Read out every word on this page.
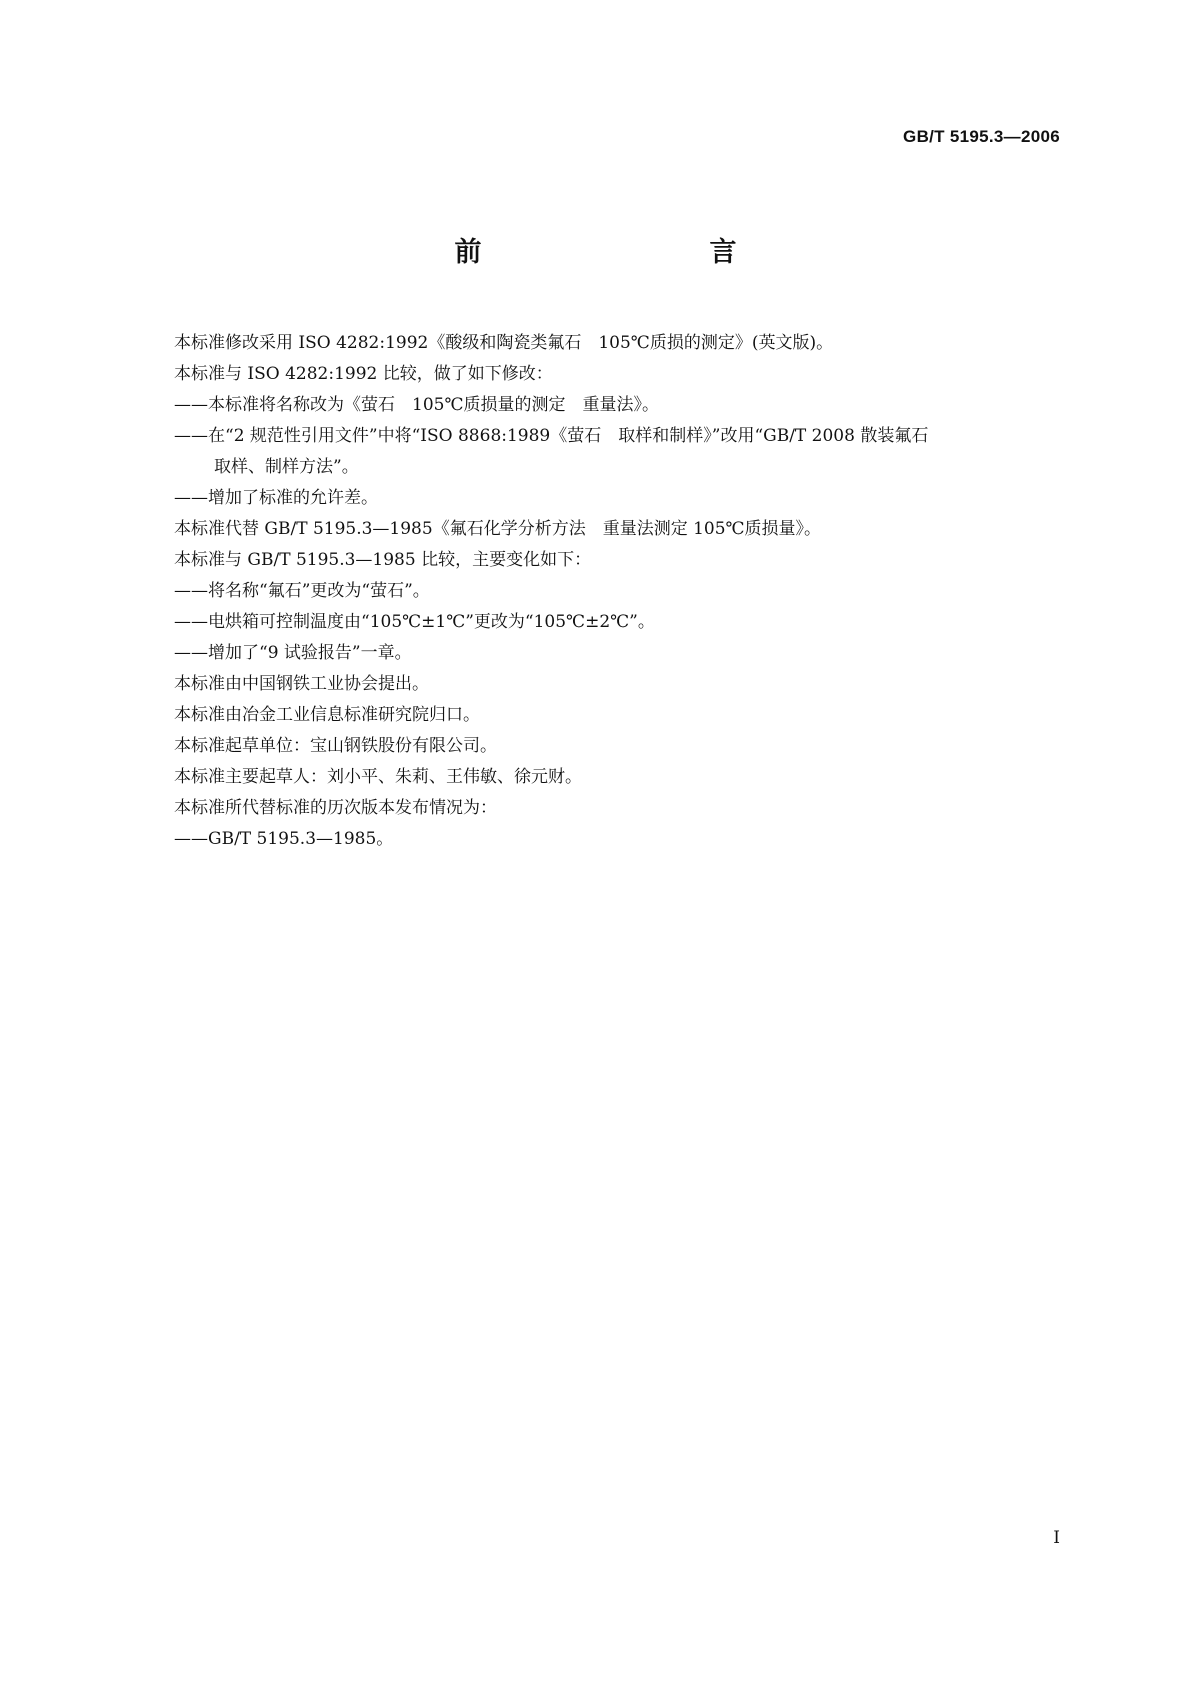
GB/T 5195.3—2006

前　　言

本标准修改采用 ISO 4282:1992《酸级和陶瓷类氟石　105℃质损的测定》(英文版)。

本标准与 ISO 4282:1992 比较，做了如下修改：

——本标准将名称改为《萤石　105℃质损量的测定　重量法》。

——在“2 规范性引用文件”中将“ISO 8868:1989《萤石　取样和制样》”改用“GB/T 2008 散装氟石

取样、制样方法”。

——增加了标准的允许差。

本标准代替 GB/T 5195.3—1985《氟石化学分析方法　重量法测定 105℃质损量》。

本标准与 GB/T 5195.3—1985 比较，主要变化如下：

——将名称“氟石”更改为“萤石”。

——电烘箱可控制温度由“105℃±1℃”更改为“105℃±2℃”。

——增加了“9 试验报告”一章。

本标准由中国钢铁工业协会提出。

本标准由冶金工业信息标准研究院归口。

本标准起草单位：宝山钢铁股份有限公司。

本标准主要起草人：刘小平、朱莉、王伟敏、徐元财。

本标准所代替标准的历次版本发布情况为：

——GB/T 5195.3—1985。

I
